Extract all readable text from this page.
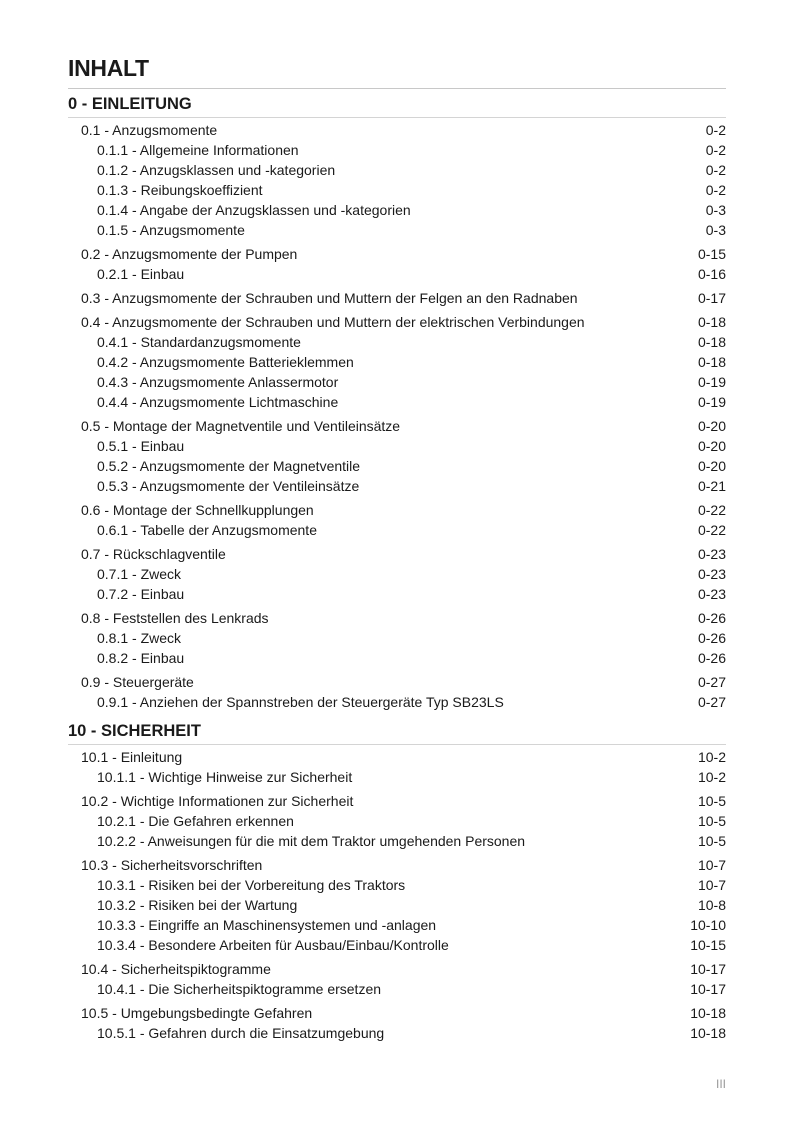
INHALT
0 - EINLEITUNG
0.1 - Anzugsmomente	0-2
0.1.1 - Allgemeine Informationen	0-2
0.1.2 - Anzugsklassen und -kategorien	0-2
0.1.3 - Reibungskoeffizient	0-2
0.1.4 - Angabe der Anzugsklassen und -kategorien	0-3
0.1.5 - Anzugsmomente	0-3
0.2 - Anzugsmomente der Pumpen	0-15
0.2.1 - Einbau	0-16
0.3 - Anzugsmomente der Schrauben und Muttern der Felgen an den Radnaben	0-17
0.4 - Anzugsmomente der Schrauben und Muttern der elektrischen Verbindungen	0-18
0.4.1 - Standardanzugsmomente	0-18
0.4.2 - Anzugsmomente Batterieklemmen	0-18
0.4.3 - Anzugsmomente Anlassermotor	0-19
0.4.4 - Anzugsmomente Lichtmaschine	0-19
0.5 - Montage der Magnetventile und Ventileinsätze	0-20
0.5.1 - Einbau	0-20
0.5.2 - Anzugsmomente der Magnetventile	0-20
0.5.3 - Anzugsmomente der Ventileinsätze	0-21
0.6 - Montage der Schnellkupplungen	0-22
0.6.1 - Tabelle der Anzugsmomente	0-22
0.7 - Rückschlagventile	0-23
0.7.1 - Zweck	0-23
0.7.2 - Einbau	0-23
0.8 - Feststellen des Lenkrads	0-26
0.8.1 - Zweck	0-26
0.8.2 - Einbau	0-26
0.9 - Steuergeräte	0-27
0.9.1 - Anziehen der Spannstreben der Steuergeräte Typ SB23LS	0-27
10 - SICHERHEIT
10.1 - Einleitung	10-2
10.1.1 - Wichtige Hinweise zur Sicherheit	10-2
10.2 - Wichtige Informationen zur Sicherheit	10-5
10.2.1 - Die Gefahren erkennen	10-5
10.2.2 - Anweisungen für die mit dem Traktor umgehenden Personen	10-5
10.3 - Sicherheitsvorschriften	10-7
10.3.1 - Risiken bei der Vorbereitung des Traktors	10-7
10.3.2 - Risiken bei der Wartung	10-8
10.3.3 - Eingriffe an Maschinensystemen und -anlagen	10-10
10.3.4 - Besondere Arbeiten für Ausbau/Einbau/Kontrolle	10-15
10.4 - Sicherheitspiktogramme	10-17
10.4.1 - Die Sicherheitspiktogramme ersetzen	10-17
10.5 - Umgebungsbedingte Gefahren	10-18
10.5.1 - Gefahren durch die Einsatzumgebung	10-18
III
